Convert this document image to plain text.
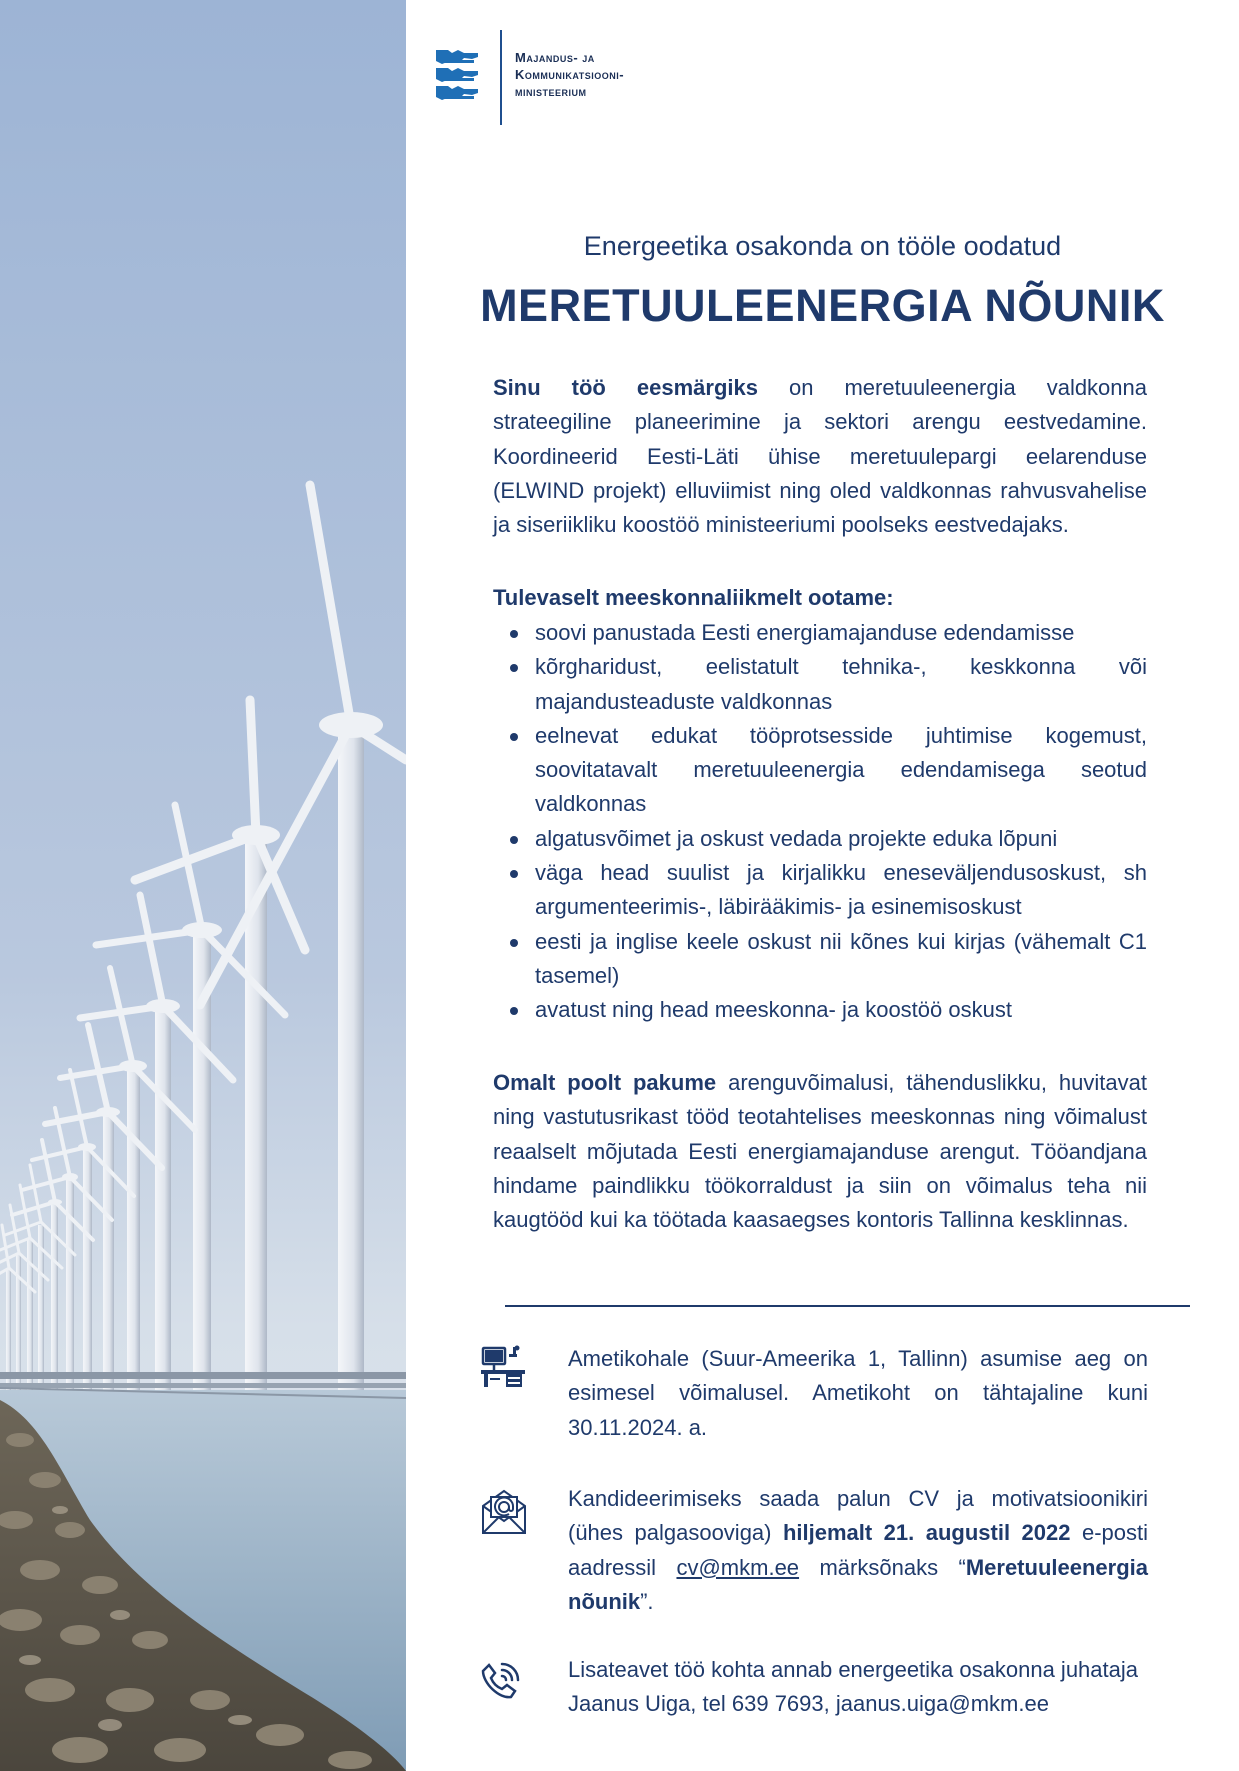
Majandus- ja
Kommunikatsiooni-
ministeerium
Energeetika osakonda on tööle oodatud
MERETUULEENERGIA NÕUNIK
Sinu töö eesmärgiks on meretuuleenergia valdkonna strateegiline planeerimine ja sektori arengu eestvedamine. Koordineerid Eesti-Läti ühise meretuulepargi eelarenduse (ELWIND projekt) elluviimist ning oled valdkonnas rahvusvahelise ja siseriikliku koostöö ministeeriumi poolseks eestvedajaks.
Tulevaselt meeskonnaliikmelt ootame:
soovi panustada Eesti energiamajanduse edendamisse
kõrgharidust, eelistatult tehnika-, keskkonna või majandusteaduste valdkonnas
eelnevat edukat tööprotsesside juhtimise kogemust, soovitatavalt meretuuleenergia edendamisega seotud valdkonnas
algatusvõimet ja oskust vedada projekte eduka lõpuni
väga head suulist ja kirjalikku eneseväljendusoskust, sh argumenteerimis-, läbirääkimis- ja esinemisoskust
eesti ja inglise keele oskust nii kõnes kui kirjas (vähemalt C1 tasemel)
avatust ning head meeskonna- ja koostöö oskust
Omalt poolt pakume arenguvõimalusi, tähenduslikku, huvitavat ning vastutusrikast tööd teotahtelises meeskonnas ning võimalust reaalselt mõjutada Eesti energiamajanduse arengut. Tööandjana hindame paindlikku töökorraldust ja siin on võimalus teha nii kaugtööd kui ka töötada kaasaegses kontoris Tallinna kesklinnas.
Ametikohale (Suur-Ameerika 1, Tallinn) asumise aeg on esimesel võimalusel. Ametikoht on tähtajaline kuni 30.11.2024. a.
Kandideerimiseks saada palun CV ja motivatsioonikiri (ühes palgasooviga) hiljemalt 21. augustil 2022 e-posti aadressil cv@mkm.ee märksõnaks “Meretuuleenergia nõunik”.
Lisateavet töö kohta annab energeetika osakonna juhataja Jaanus Uiga, tel 639 7693, jaanus.uiga@mkm.ee
